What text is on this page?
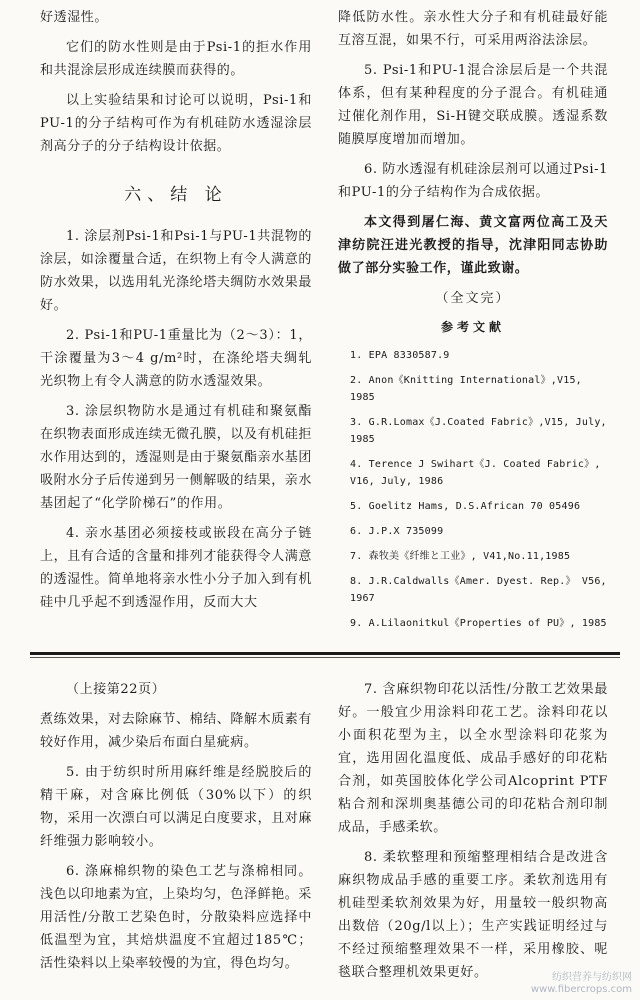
好透湿性。

它们的防水性则是由于Psi-1的拒水作用和共混涂层形成连续膜而获得的。

以上实验结果和讨论可以说明，Psi-1和PU-1的分子结构可作为有机硅防水透湿涂层剂高分子的分子结构设计依据。

六、结 论

1. 涂层剂Psi-1和Psi-1与PU-1共混物的涂层，如涂覆量合适，在织物上有令人满意的防水效果，以选用轧光涤纶塔夫绸防水效果最好。

2. Psi-1和PU-1重量比为（2～3）：1，干涂覆量为3～4 g/m²时，在涤纶塔夫绸轧光织物上有令人满意的防水透湿效果。

3. 涂层织物防水是通过有机硅和聚氨酯在织物表面形成连续无微孔膜，以及有机硅拒水作用达到的，透湿则是由于聚氨酯亲水基团吸附水分子后传递到另一侧解吸的结果，亲水基团起了“化学阶梯石”的作用。

4. 亲水基团必须接枝或嵌段在高分子链上，且有合适的含量和排列才能获得令人满意的透湿性。简单地将亲水性小分子加入到有机硅中几乎起不到透湿作用，反而大大

降低防水性。亲水性大分子和有机硅最好能互溶互混，如果不行，可采用两浴法涂层。

5. Psi-1和PU-1混合涂层后是一个共混体系，但有某种程度的分子混合。有机硅通过催化剂作用，Si-H键交联成膜。透湿系数随膜厚度增加而增加。

6. 防水透湿有机硅涂层剂可以通过Psi-1和PU-1的分子结构作为合成依据。

本文得到屠仁海、黄文富两位高工及天津纺院汪进光教授的指导，沈津阳同志协助做了部分实验工作，谨此致谢。

（全文完）
参考文献
1. EPA 8330587.9
2. Anon《Knitting International》,V15, 1985
3. G.R.Lomax《J.Coated Fabric》,V15, July, 1985
4. Terence J Swihart《J. Coated Fabric》, V16, July, 1986
5. Goelitz Hams, D.S.African 70 05496
6. J.P.X 735099
7. 森牧美《纤维と工业》, V41,No.11,1985
8. J.R.Caldwalls《Amer. Dyest. Rep.》 V56, 1967
9. A.Lilaonitkul《Properties of PU》, 1985

（上接第22页）

煮练效果，对去除麻节、棉结、降解木质素有较好作用，减少染后布面白星疵病。

5. 由于纺织时所用麻纤维是经脱胶后的精干麻，对含麻比例低（30%以下）的织物，采用一次漂白可以满足白度要求，且对麻纤维强力影响较小。

6. 涤麻棉织物的染色工艺与涤棉相同。浅色以印地素为宜，上染均匀，色泽鲜艳。采用活性/分散工艺染色时，分散染料应选择中低温型为宜，其焙烘温度不宜超过185℃；活性染料以上染率较慢的为宜，得色均匀。

7. 含麻织物印花以活性/分散工艺效果最好。一般宜少用涂料印花工艺。涂料印花以小面积花型为主，以全水型涂料印花浆为宜，选用固化温度低、成品手感好的印花粘合剂，如英国胶体化学公司Alcoprint PTF粘合剂和深圳奥基德公司的印花粘合剂印制成品，手感柔软。

8. 柔软整理和预缩整理相结合是改进含麻织物成品手感的重要工序。柔软剂选用有机硅型柔软剂效果为好，用量较一般织物高出数倍（20g/l以上）；生产实践证明经过与不经过预缩整理效果不一样，采用橡胶、呢毯联合整理机效果更好。	纺织营养与纺织网
www.fibercrops.com
